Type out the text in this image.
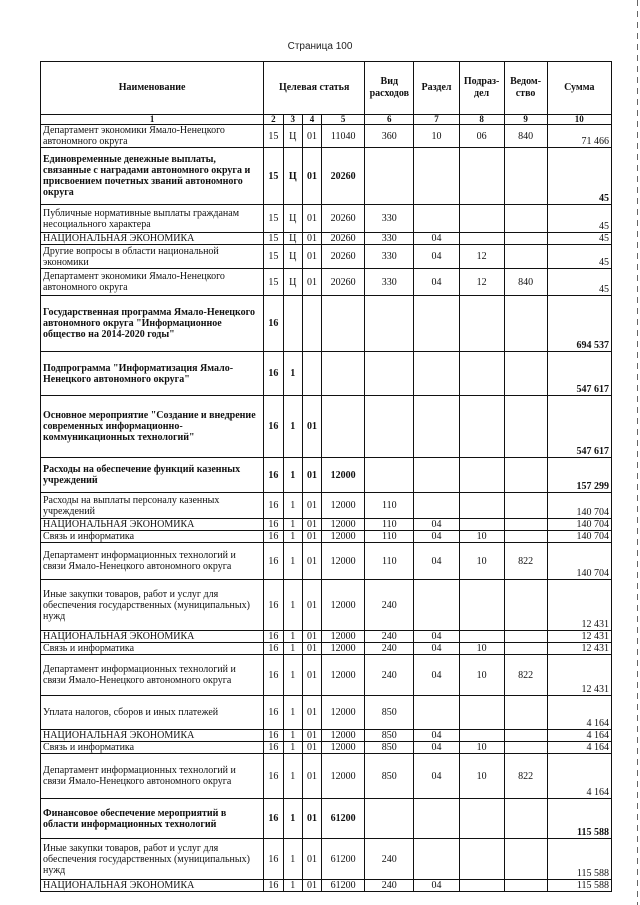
Страница 100
Наименование	Целевая статья				Вид расходов	Раздел	Подраз-дел	Ведом-ство	Сумма
1	2	3	4	5	6	7	8	9	10
Департамент экономики Ямало-Ненецкого автономного округа	15	Ц	01	11040	360	10	06	840	71 466
Единовременные денежные выплаты, связанные с наградами автономного округа и присвоением почетных званий автономного округа	15	Ц	01	20260					45
Публичные нормативные выплаты гражданам несоциального характера	15	Ц	01	20260	330				45
НАЦИОНАЛЬНАЯ ЭКОНОМИКА	15	Ц	01	20260	330	04			45
Другие вопросы в области национальной экономики	15	Ц	01	20260	330	04	12		45
Департамент экономики Ямало-Ненецкого автономного округа	15	Ц	01	20260	330	04	12	840	45
Государственная программа Ямало-Ненецкого автономного округа "Информационное общество на 2014-2020 годы"	16								694 537
Подпрограмма "Информатизация Ямало-Ненецкого автономного округа"	16	1							547 617
Основное мероприятие "Создание и внедрение современных информационно-коммуникационных технологий"	16	1	01						547 617
Расходы на обеспечение функций казенных учреждений	16	1	01	12000					157 299
Расходы на выплаты персоналу казенных учреждений	16	1	01	12000	110				140 704
НАЦИОНАЛЬНАЯ ЭКОНОМИКА	16	1	01	12000	110	04			140 704
Связь и информатика	16	1	01	12000	110	04	10		140 704
Департамент информационных технологий и связи Ямало-Ненецкого автономного округа	16	1	01	12000	110	04	10	822	140 704
Иные закупки товаров, работ и услуг для обеспечения государственных (муниципальных) нужд	16	1	01	12000	240				12 431
НАЦИОНАЛЬНАЯ ЭКОНОМИКА	16	1	01	12000	240	04			12 431
Связь и информатика	16	1	01	12000	240	04	10		12 431
Департамент информационных технологий и связи Ямало-Ненецкого автономного округа	16	1	01	12000	240	04	10	822	12 431
Уплата налогов, сборов и иных платежей	16	1	01	12000	850				4 164
НАЦИОНАЛЬНАЯ ЭКОНОМИКА	16	1	01	12000	850	04			4 164
Связь и информатика	16	1	01	12000	850	04	10		4 164
Департамент информационных технологий и связи Ямало-Ненецкого автономного округа	16	1	01	12000	850	04	10	822	4 164
Финансовое обеспечение мероприятий в области информационных технологий	16	1	01	61200					115 588
Иные закупки товаров, работ и услуг для обеспечения государственных (муниципальных) нужд	16	1	01	61200	240				115 588
НАЦИОНАЛЬНАЯ ЭКОНОМИКА	16	1	01	61200	240	04			115 588
